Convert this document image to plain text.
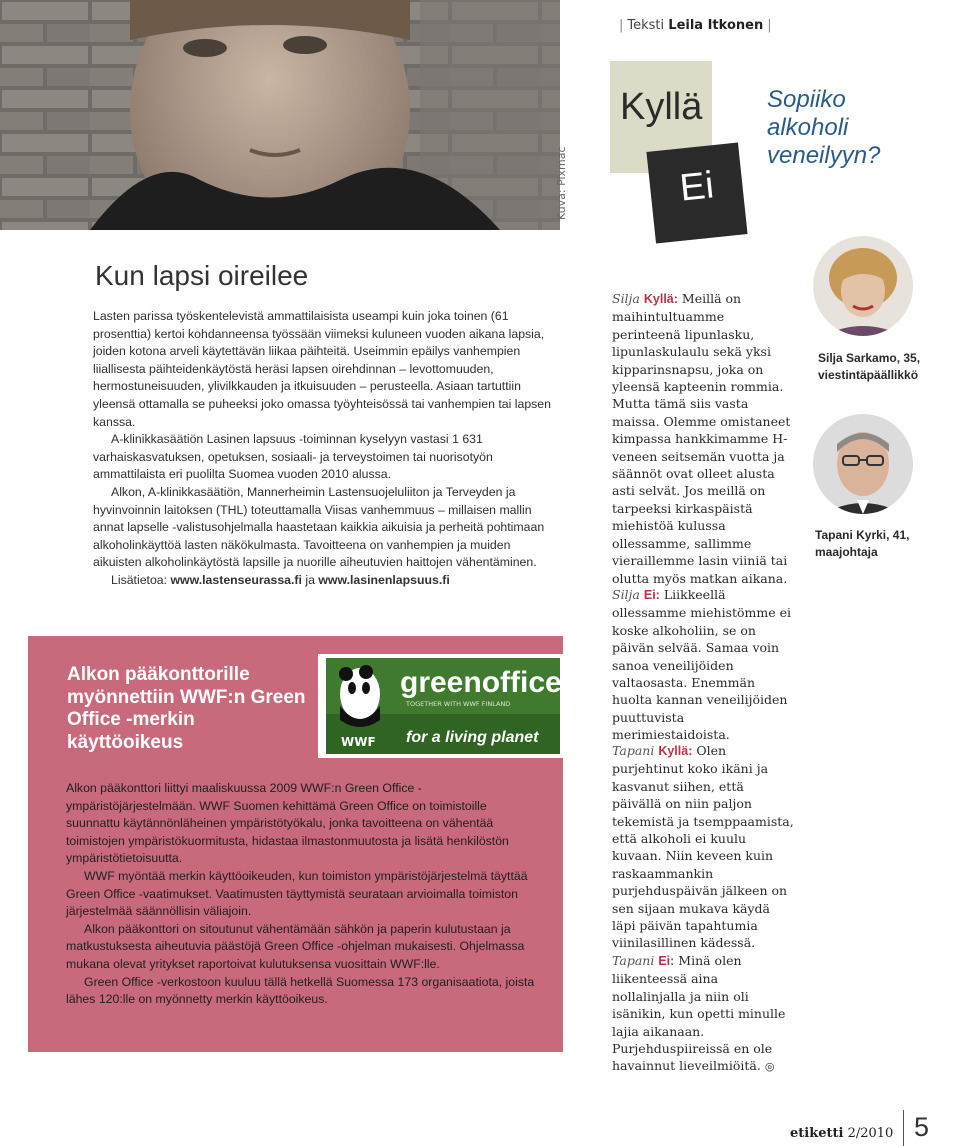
Kuva: Pixmac
| Teksti Leila Itkonen |
Kyllä
Ei
Sopiiko
alkoholi
veneilyyn?
Kun lapsi oireilee

Lasten parissa työskentelevistä ammattilaisista useampi kuin joka toinen (61 prosenttia) kertoi kohdanneensa työssään viimeksi kuluneen vuoden aikana lapsia, joiden kotona arveli käytettävän liikaa päihteitä. Useimmin epäilys vanhempien liiallisesta päihteidenkäytöstä heräsi lapsen oirehdinnan – levottomuuden, hermostuneisuuden, ylivilkkauden ja itkuisuuden – perusteella. Asiaan tartuttiin yleensä ottamalla se puheeksi joko omassa työyhteisössä tai vanhempien tai lapsen kanssa.

A-klinikkasäätiön Lasinen lapsuus -toiminnan kyselyyn vastasi 1 631 varhaiskasvatuksen, opetuksen, sosiaali- ja terveystoimen tai nuorisotyön ammattilaista eri puolilta Suomea vuoden 2010 alussa.

Alkon, A-klinikkasäätiön, Mannerheimin Lastensuojeluliiton ja Terveyden ja hyvinvoinnin laitoksen (THL) toteuttamalla Viisas vanhemmuus – millaisen mallin annat lapselle -valistusohjelmalla haastetaan kaikkia aikuisia ja perheitä pohtimaan alkoholinkäyttöä lasten näkökulmasta. Tavoitteena on vanhempien ja muiden aikuisten alkoholinkäytöstä lapsille ja nuorille aiheutuvien haittojen vähentäminen.

Lisätietoa: www.lastenseurassa.fi ja www.lasinenlapsuus.fi

Alkon pääkonttorille myönnettiin WWF:n Green Office -merkin käyttöoikeus	WWF
greenoffice
TOGETHER WITH WWF FINLAND
for a living planet

Alkon pääkonttori liittyi maaliskuussa 2009 WWF:n Green Office -ympäristöjärjestelmään. WWF Suomen kehittämä Green Office on toimistoille suunnattu käytännönläheinen ympäristötyökalu, jonka tavoitteena on vähentää toimistojen ympäristökuormitusta, hidastaa ilmastonmuutosta ja lisätä henkilöstön ympäristötietoisuutta.

WWF myöntää merkin käyttöoikeuden, kun toimiston ympäristöjärjestelmä täyttää Green Office -vaatimukset. Vaatimusten täyttymistä seurataan arvioimalla toimiston järjestelmää säännöllisin väliajoin.

Alkon pääkonttori on sitoutunut vähentämään sähkön ja paperin kulutustaan ja matkustuksesta aiheutuvia päästöjä Green Office -ohjelman mukaisesti. Ohjelmassa mukana olevat yritykset raportoivat kulutuksensa vuosittain WWF:lle.

Green Office -verkostoon kuuluu tällä hetkellä Suomessa 173 organisaatiota, joista lähes 120:lle on myönnetty merkin käyttöoikeus.

Silja Kyllä: Meillä on maihintultuamme perinteenä lipunlasku, lipunlaskulaulu sekä yksi kipparinsnapsu, joka on yleensä kapteenin rommia. Mutta tämä siis vasta maissa. Olemme omistaneet kimpassa hankkimamme H-veneen seitsemän vuotta ja säännöt ovat olleet alusta asti selvät. Jos meillä on tarpeeksi kirkaspäistä miehistöä kulussa ollessamme, sallimme vieraillemme lasin viiniä tai olutta myös matkan aikana.
Silja Ei: Liikkeellä ollessamme miehistömme ei koske alkoholiin, se on päivän selvää. Samaa voin sanoa veneilijöiden valtaosasta. Enemmän huolta kannan veneilijöiden puuttuvista merimiestaidoista.
Tapani Kyllä: Olen purjehtinut koko ikäni ja kasvanut siihen, että päivällä on niin paljon tekemistä ja tsemppaamista, että alkoholi ei kuulu kuvaan. Niin keveen kuin raskaammankin purjehduspäivän jälkeen on sen sijaan mukava käydä läpi päivän tapahtumia viinilasillinen kädessä.
Tapani Ei: Minä olen liikenteessä aina nollalinjalla ja niin oli isänikin, kun opetti minulle lajia aikanaan. Purjehduspiireissä en ole havainnut lieveilmiöitä. ◎
Silja Sarkamo, 35,
viestintäpäällikkö
Tapani Kyrki, 41,
maajohtaja
etiketti 2/2010 5
